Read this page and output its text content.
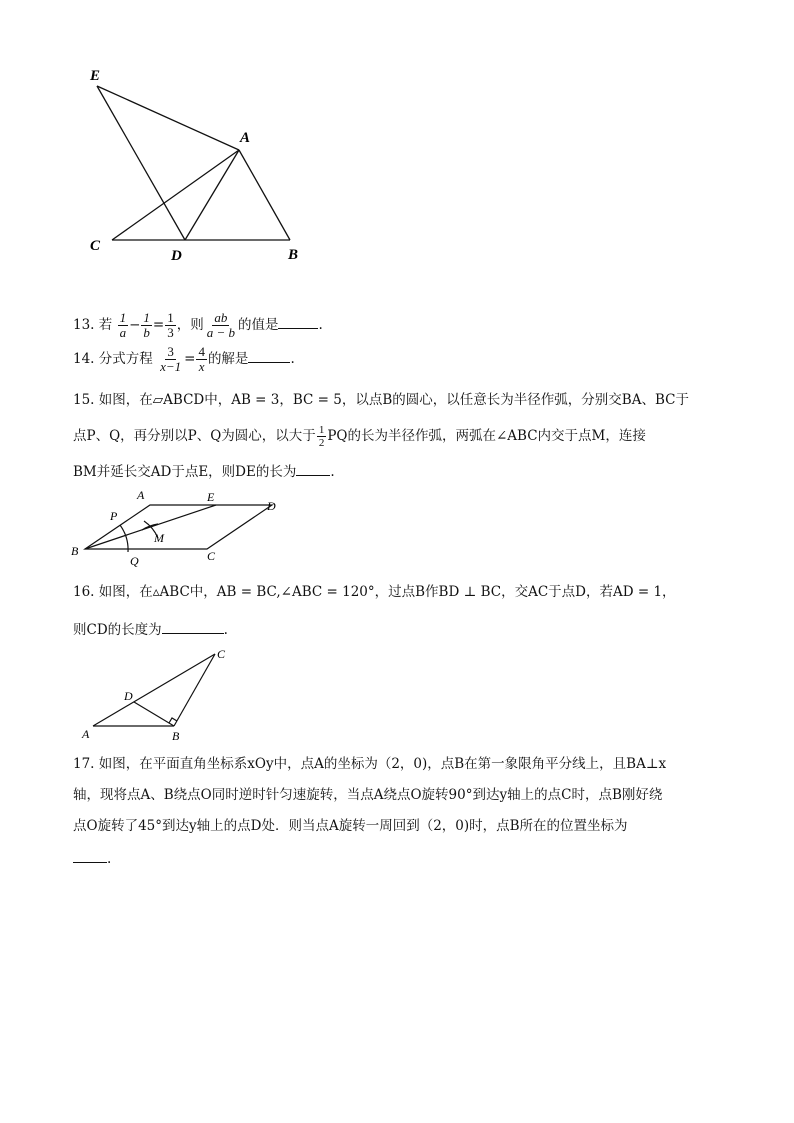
E
A
C
D	B
13. 若 $\frac{1}{a} - \frac{1}{b} = \frac{1}{3}$ ，则 $\frac{ab}{a - b}$ 的值是	.
14. 分式方程 $\frac{3}{x-1} = \frac{4}{x}$ 的解是	.
15. 如图，在▱ABCD中，AB = 3，BC = 5，以点B的圆心，以任意长为半径作弧，分别交BA、BC于
点P、Q，再分别以P、Q为圆心，以大于 $\frac{1}{2}$ PQ的长为半径作弧，两弧在∠ABC内交于点M，连接
BM并延长交AD于点E，则DE的长为	.
A	E
D
P
M
B
Q	C
16. 如图，在▵ABC中，AB = BC,∠ABC = 120°，过点B作BD ⊥ BC，交AC于点D，若AD = 1，
则CD的长度为	.
C
D
A	B
17. 如图，在平面直角坐标系xOy中，点A的坐标为（2，0)，点B在第一象限角平分线上，且BA⊥x
轴，现将点A、B绕点O同时逆时针匀速旋转，当点A绕点O旋转90°到达y轴上的点C时，点B刚好绕
点O旋转了45°到达y轴上的点D处．则当点A旋转一周回到（2，0)时，点B所在的位置坐标为
.
